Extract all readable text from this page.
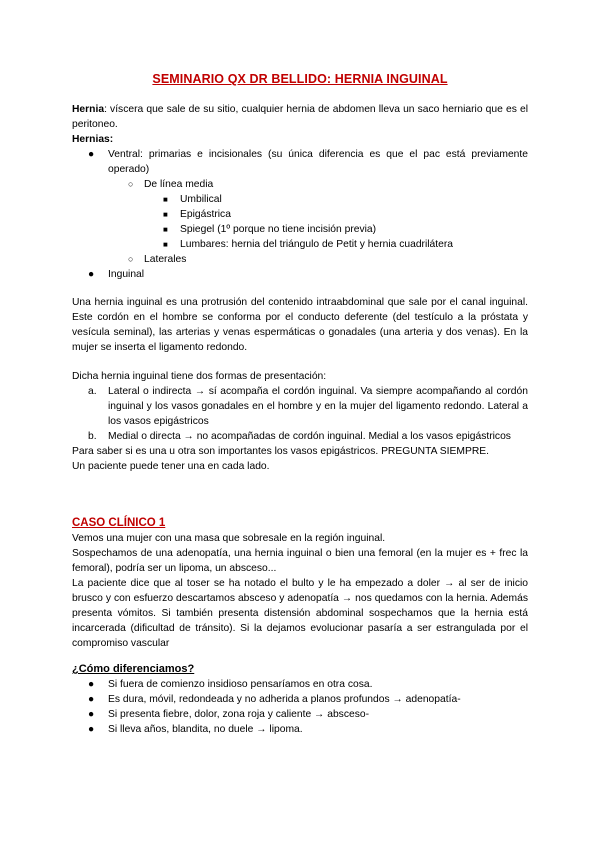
SEMINARIO QX DR BELLIDO: HERNIA INGUINAL

Hernia: víscera que sale de su sitio, cualquier hernia de abdomen lleva un saco herniario que es el peritoneo.

Hernias:

● Ventral: primarias e incisionales (su única diferencia es que el pac está previamente operado)
○ De línea media
■ Umbilical
■ Epigástrica
■ Spiegel (1º porque no tiene incisión previa)
■ Lumbares: hernia del triángulo de Petit y hernia cuadrilátera
○ Laterales
● Inguinal

Una hernia inguinal es una protrusión del contenido intraabdominal que sale por el canal inguinal. Este cordón en el hombre se conforma por el conducto deferente (del testículo a la próstata y vesícula seminal), las arterias y venas espermáticas o gonadales (una arteria y dos venas). En la mujer se inserta el ligamento redondo.

Dicha hernia inguinal tiene dos formas de presentación:

a. Lateral o indirecta → sí acompaña el cordón inguinal. Va siempre acompañando al cordón inguinal y los vasos gonadales en el hombre y en la mujer del ligamento redondo. Lateral a los vasos epigástricos
b. Medial o directa → no acompañadas de cordón inguinal. Medial a los vasos epigástricos

Para saber si es una u otra son importantes los vasos epigástricos. PREGUNTA SIEMPRE.

Un paciente puede tener una en cada lado.

CASO CLÍNICO 1

Vemos una mujer con una masa que sobresale en la región inguinal.

Sospechamos de una adenopatía, una hernia inguinal o bien una femoral (en la mujer es + frec la femoral), podría ser un lipoma, un absceso...

La paciente dice que al toser se ha notado el bulto y le ha empezado a doler → al ser de inicio brusco y con esfuerzo descartamos absceso y adenopatía → nos quedamos con la hernia. Además presenta vómitos. Si también presenta distensión abdominal sospechamos que la hernia está incarcerada (dificultad de tránsito). Si la dejamos evolucionar pasaría a ser estrangulada por el compromiso vascular

¿Cómo diferenciamos?

● Si fuera de comienzo insidioso pensaríamos en otra cosa.
● Es dura, móvil, redondeada y no adherida a planos profundos → adenopatía-
● Si presenta fiebre, dolor, zona roja y caliente → absceso-
● Si lleva años, blandita, no duele → lipoma.
